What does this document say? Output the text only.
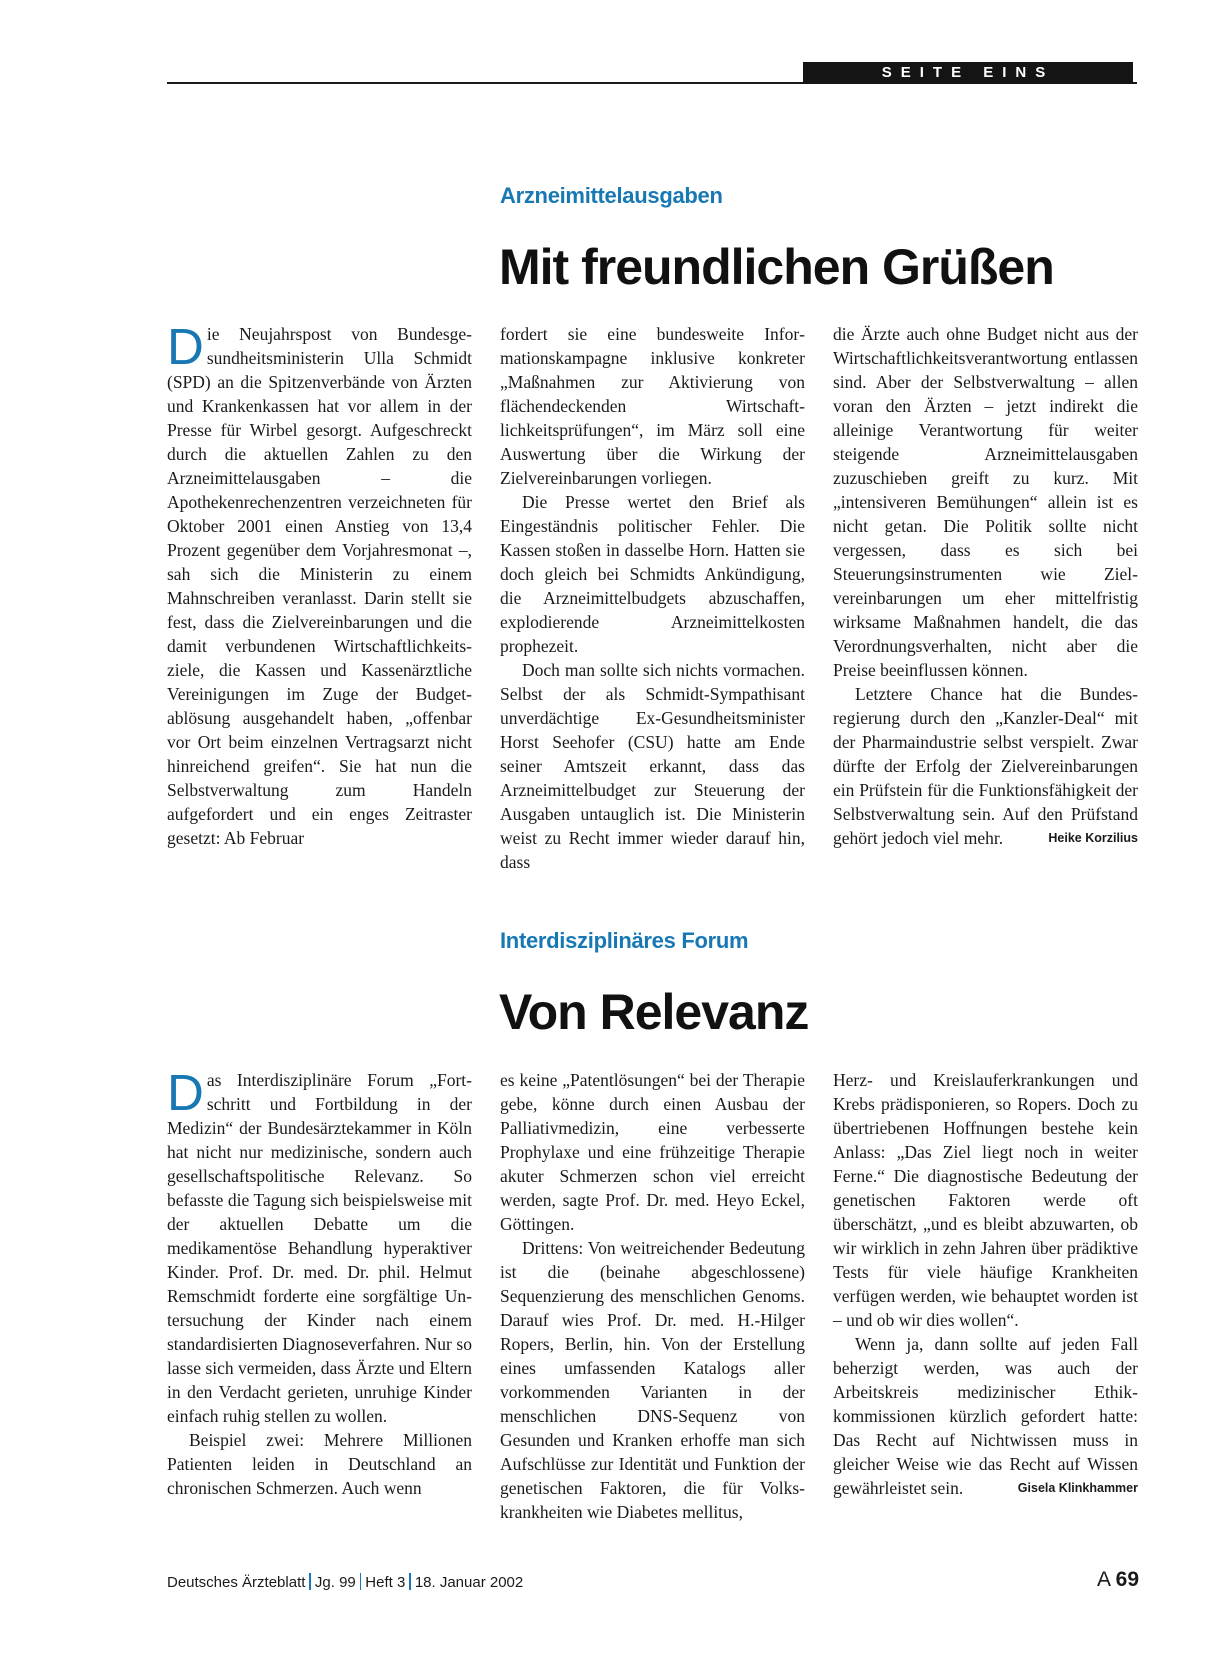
SEITE EINS
Arzneimittelausgaben
Mit freundlichen Grüßen

Die Neujahrspost von Bundesgesundheitsministerin Ulla Schmidt (SPD) an die Spitzenverbände von Ärzten und Krankenkassen hat vor allem in der Presse für Wirbel gesorgt. Aufgeschreckt durch die aktuellen Zahlen zu den Arzneimittelausgaben – die Apothekenrechenzentren verzeichneten für Oktober 2001 einen Anstieg von 13,4 Prozent gegenüber dem Vorjahresmonat –, sah sich die Ministerin zu einem Mahnschreiben veranlasst. Darin stellt sie fest, dass die Zielvereinbarungen und die damit verbundenen Wirtschaftlichkeitsziele, die Kassen und Kassenärztliche Vereinigungen im Zuge der Budgetablösung ausgehandelt haben, „offenbar vor Ort beim einzelnen Vertragsarzt nicht hinreichend greifen“. Sie hat nun die Selbstverwaltung zum Handeln aufgefordert und ein enges Zeitraster gesetzt: Ab Februar

fordert sie eine bundesweite Informationskampagne inklusive konkreter „Maßnahmen zur Aktivierung von flächendeckenden Wirtschaftlichkeitsprüfungen“, im März soll eine Auswertung über die Wirkung der Zielvereinbarungen vorliegen.

Die Presse wertet den Brief als Eingeständnis politischer Fehler. Die Kassen stoßen in dasselbe Horn. Hatten sie doch gleich bei Schmidts Ankündigung, die Arzneimittelbudgets abzuschaffen, explodierende Arzneimittelkosten prophezeit.

Doch man sollte sich nichts vormachen. Selbst der als Schmidt-Sympathisant unverdächtige Ex-Gesundheitsminister Horst Seehofer (CSU) hatte am Ende seiner Amtszeit erkannt, dass das Arzneimittelbudget zur Steuerung der Ausgaben untauglich ist. Die Ministerin weist zu Recht immer wieder darauf hin, dass

die Ärzte auch ohne Budget nicht aus der Wirtschaftlichkeitsverantwortung entlassen sind. Aber der Selbstverwaltung – allen voran den Ärzten – jetzt indirekt die alleinige Verantwortung für weiter steigende Arzneimittelausgaben zuzuschieben greift zu kurz. Mit „intensiveren Bemühungen“ allein ist es nicht getan. Die Politik sollte nicht vergessen, dass es sich bei Steuerungsinstrumenten wie Zielvereinbarungen um eher mittelfristig wirksame Maßnahmen handelt, die das Verordnungsverhalten, nicht aber die Preise beeinflussen können.

Letztere Chance hat die Bundesregierung durch den „Kanzler-Deal“ mit der Pharmaindustrie selbst verspielt. Zwar dürfte der Erfolg der Zielvereinbarungen ein Prüfstein für die Funktionsfähigkeit der Selbstverwaltung sein. Auf den Prüfstand gehört jedoch viel mehr.	Heike Korzilius

Interdisziplinäres Forum
Von Relevanz

Das Interdisziplinäre Forum „Fortschritt und Fortbildung in der Medizin“ der Bundesärztekammer in Köln hat nicht nur medizinische, sondern auch gesellschaftspolitische Relevanz. So befasste die Tagung sich beispielsweise mit der aktuellen Debatte um die medikamentöse Behandlung hyperaktiver Kinder. Prof. Dr. med. Dr. phil. Helmut Remschmidt forderte eine sorgfältige Untersuchung der Kinder nach einem standardisierten Diagnoseverfahren. Nur so lasse sich vermeiden, dass Ärzte und Eltern in den Verdacht gerieten, unruhige Kinder einfach ruhig stellen zu wollen.

Beispiel zwei: Mehrere Millionen Patienten leiden in Deutschland an chronischen Schmerzen. Auch wenn

es keine „Patentlösungen“ bei der Therapie gebe, könne durch einen Ausbau der Palliativmedizin, eine verbesserte Prophylaxe und eine frühzeitige Therapie akuter Schmerzen schon viel erreicht werden, sagte Prof. Dr. med. Heyo Eckel, Göttingen.

Drittens: Von weitreichender Bedeutung ist die (beinahe abgeschlossene) Sequenzierung des menschlichen Genoms. Darauf wies Prof. Dr. med. H.-Hilger Ropers, Berlin, hin. Von der Erstellung eines umfassenden Katalogs aller vorkommenden Varianten in der menschlichen DNS-Sequenz von Gesunden und Kranken erhoffe man sich Aufschlüsse zur Identität und Funktion der genetischen Faktoren, die für Volkskrankheiten wie Diabetes mellitus,

Herz- und Kreislauferkrankungen und Krebs prädisponieren, so Ropers. Doch zu übertriebenen Hoffnungen bestehe kein Anlass: „Das Ziel liegt noch in weiter Ferne.“ Die diagnostische Bedeutung der genetischen Faktoren werde oft überschätzt, „und es bleibt abzuwarten, ob wir wirklich in zehn Jahren über prädiktive Tests für viele häufige Krankheiten verfügen werden, wie behauptet worden ist – und ob wir dies wollen“.

Wenn ja, dann sollte auf jeden Fall beherzigt werden, was auch der Arbeitskreis medizinischer Ethikkommissionen kürzlich gefordert hatte: Das Recht auf Nichtwissen muss in gleicher Weise wie das Recht auf Wissen gewährleistet sein.	Gisela Klinkhammer

Deutsches Ärzteblatt Jg. 99 Heft 3 18. Januar 2002	A 69
